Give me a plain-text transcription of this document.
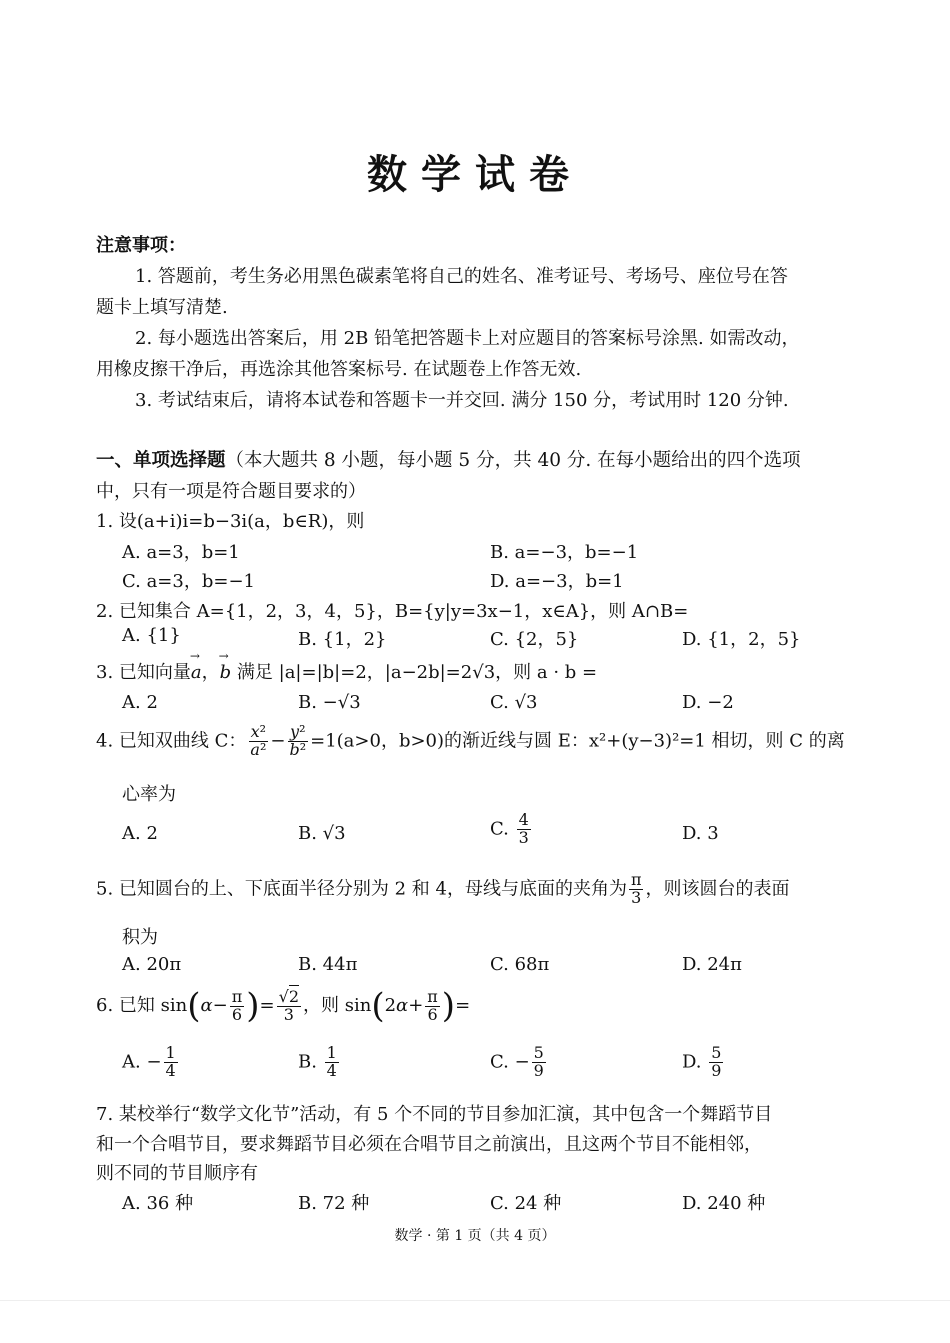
数学试卷
注意事项：
1. 答题前，考生务必用黑色碳素笔将自己的姓名、准考证号、考场号、座位号在答
题卡上填写清楚.
2. 每小题选出答案后，用 2B 铅笔把答题卡上对应题目的答案标号涂黑. 如需改动，
用橡皮擦干净后，再选涂其他答案标号. 在试题卷上作答无效.
3. 考试结束后，请将本试卷和答题卡一并交回. 满分 150 分，考试用时 120 分钟.
一、单项选择题（本大题共 8 小题，每小题 5 分，共 40 分. 在每小题给出的四个选项
中，只有一项是符合题目要求的）
1. 设(a+i)i=b−3i(a，b∈R)，则
A. a=3，b=1	B. a=−3，b=−1
C. a=3，b=−1	D. a=−3，b=1
2. 已知集合 A={1，2，3，4，5}，B={y|y=3x−1，x∈A}，则 A∩B=
A. {1}	B. {1，2}	C. {2，5}	D. {1，2，5}
3. 已知向量→ a，→ b 满足 |a|=|b|=2，|a−2b|=2√3，则 a · b =
A. 2	B. −√3	C. √3	D. −2
4. 已知双曲线 C： $\frac{\text{x²}}{\text{a²}} - \frac{\text{y²}}{\text{b²}} =1(a>0$，b>0)的渐近线与圆 E：x²+(y−3)²=1 相切，则 C 的离
心率为
A. 2	B. √3	C. $\frac{4}{3}$	D. 3
5. 已知圆台的上、下底面半径分别为 2 和 4，母线与底面的夹角为 $\frac{\pi}{3}$ ，则该圆台的表面
积为
A. 20π	B. 44π	C. 68π	D. 24π
6. 已知 $\sin(\alpha- \frac{\pi}{6}$ )= $\frac{√2}{3}$ ，则 $\sin(2\alpha+ \frac{\pi}{6}$ )=
A. − $\frac{1}{4}$	B. $\frac{1}{4}$	C. − $\frac{5}{9}$	D. $\frac{5}{9}$
7. 某校举行“数学文化节”活动，有 5 个不同的节目参加汇演，其中包含一个舞蹈节目
和一个合唱节目，要求舞蹈节目必须在合唱节目之前演出，且这两个节目不能相邻，
则不同的节目顺序有
A. 36 种	B. 72 种	C. 24 种	D. 240 种
数学 · 第 1 页（共 4 页）
